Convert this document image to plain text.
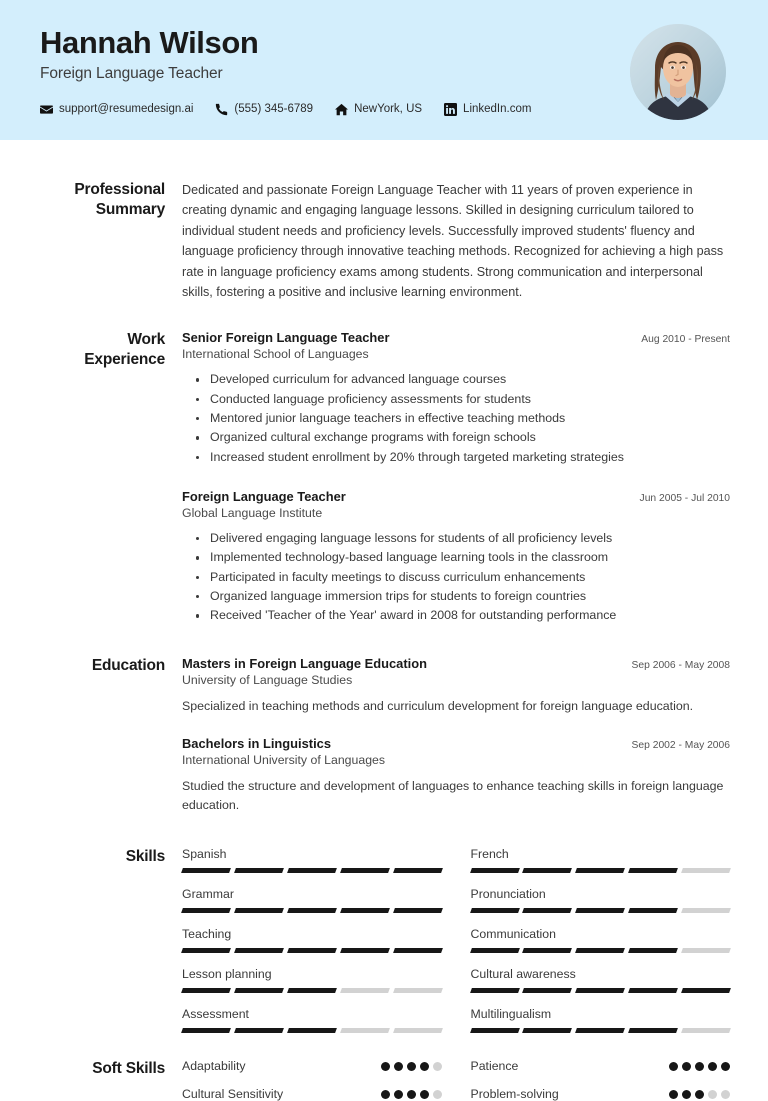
Hannah Wilson
Foreign Language Teacher
support@resumedesign.ai	(555) 345-6789	NewYork, US	LinkedIn.com
Professional
Summary
Dedicated and passionate Foreign Language Teacher with 11 years of proven experience in creating dynamic and engaging language lessons. Skilled in designing curriculum tailored to individual student needs and proficiency levels. Successfully improved students' fluency and language proficiency through innovative teaching methods. Recognized for achieving a high pass rate in language proficiency exams among students. Strong communication and interpersonal skills, fostering a positive and inclusive learning environment.
Work
Experience
Senior Foreign Language Teacher	Aug 2010 - Present
International School of Languages
Developed curriculum for advanced language courses
Conducted language proficiency assessments for students
Mentored junior language teachers in effective teaching methods
Organized cultural exchange programs with foreign schools
Increased student enrollment by 20% through targeted marketing strategies
Foreign Language Teacher	Jun 2005 - Jul 2010
Global Language Institute
Delivered engaging language lessons for students of all proficiency levels
Implemented technology-based language learning tools in the classroom
Participated in faculty meetings to discuss curriculum enhancements
Organized language immersion trips for students to foreign countries
Received 'Teacher of the Year' award in 2008 for outstanding performance
Education Masters in Foreign Language Education	Sep 2006 - May 2008
University of Language Studies
Specialized in teaching methods and curriculum development for foreign language education.
Bachelors in Linguistics	Sep 2002 - May 2006
International University of Languages
Studied the structure and development of languages to enhance teaching skills in foreign language education.
Skills Spanish	French
Grammar	Pronunciation
Teaching	Communication
Lesson planning	Cultural awareness
Assessment	Multilingualism
Soft Skills Adaptability	Patience
Cultural Sensitivity	Problem-solving
